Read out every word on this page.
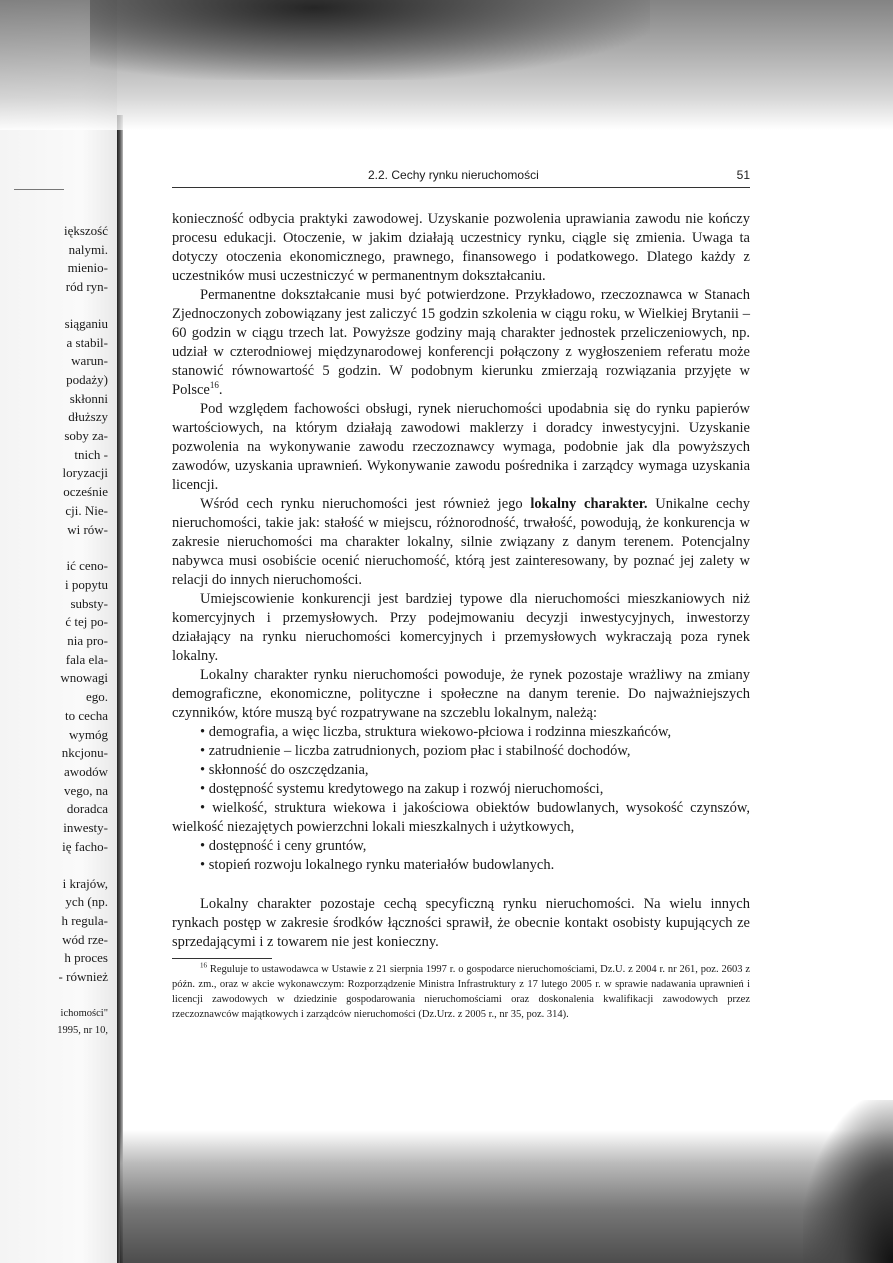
iększość
nalymi.
mienio-
ród ryn-
siąganiu
a stabil-
warun-
podaży)
skłonni
dłuższy
soby za-
tnich -
loryzacji
ocześnie
cji. Nie-
wi rów-
ić ceno-
i popytu
substy-
ć tej po-
nia pro-
fala ela-
wnowagi
ego.
to cecha
wymóg
nkcjonu-
awodów
vego, na
doradca
inwesty-
ię facho-
i krajów,
ych (np.
h regula-
wód rze-
h proces
- również
ichomości"
1995, nr 10,
2.2. Cechy rynku nieruchomości	51

konieczność odbycia praktyki zawodowej. Uzyskanie pozwolenia uprawiania zawodu nie kończy procesu edukacji. Otoczenie, w jakim działają uczestnicy rynku, ciągle się zmienia. Uwaga ta dotyczy otoczenia ekonomicznego, prawnego, finansowego i podatkowego. Dlatego każdy z uczestników musi uczestniczyć w permanentnym dokształcaniu.

Permanentne dokształcanie musi być potwierdzone. Przykładowo, rzeczoznawca w Stanach Zjednoczonych zobowiązany jest zaliczyć 15 godzin szkolenia w ciągu roku, w Wielkiej Brytanii – 60 godzin w ciągu trzech lat. Powyższe godziny mają charakter jednostek przeliczeniowych, np. udział w czterodniowej międzynarodowej konferencji połączony z wygłoszeniem referatu może stanowić równowartość 5 godzin. W podobnym kierunku zmierzają rozwiązania przyjęte w Polsce$^{16}$.

Pod względem fachowości obsługi, rynek nieruchomości upodabnia się do rynku papierów wartościowych, na którym działają zawodowi maklerzy i doradcy inwestycyjni. Uzyskanie pozwolenia na wykonywanie zawodu rzeczoznawcy wymaga, podobnie jak dla powyższych zawodów, uzyskania uprawnień. Wykonywanie zawodu pośrednika i zarządcy wymaga uzyskania licencji.

Wśród cech rynku nieruchomości jest również jego lokalny charakter. Unikalne cechy nieruchomości, takie jak: stałość w miejscu, różnorodność, trwałość, powodują, że konkurencja w zakresie nieruchomości ma charakter lokalny, silnie związany z danym terenem. Potencjalny nabywca musi osobiście ocenić nieruchomość, którą jest zainteresowany, by poznać jej zalety w relacji do innych nieruchomości.

Umiejscowienie konkurencji jest bardziej typowe dla nieruchomości mieszkaniowych niż komercyjnych i przemysłowych. Przy podejmowaniu decyzji inwestycyjnych, inwestorzy działający na rynku nieruchomości komercyjnych i przemysłowych wykraczają poza rynek lokalny.

Lokalny charakter rynku nieruchomości powoduje, że rynek pozostaje wrażliwy na zmiany demograficzne, ekonomiczne, polityczne i społeczne na danym terenie. Do najważniejszych czynników, które muszą być rozpatrywane na szczeblu lokalnym, należą:

• demografia, a więc liczba, struktura wiekowo-płciowa i rodzinna mieszkańców,
• zatrudnienie – liczba zatrudnionych, poziom płac i stabilność dochodów,
• skłonność do oszczędzania,
• dostępność systemu kredytowego na zakup i rozwój nieruchomości,
• wielkość, struktura wiekowa i jakościowa obiektów budowlanych, wysokość czynszów, wielkość niezajętych powierzchni lokali mieszkalnych i użytkowych,
• dostępność i ceny gruntów,
• stopień rozwoju lokalnego rynku materiałów budowlanych.

Lokalny charakter pozostaje cechą specyficzną rynku nieruchomości. Na wielu innych rynkach postęp w zakresie środków łączności sprawił, że obecnie kontakt osobisty kupujących ze sprzedającymi i z towarem nie jest konieczny.

$^{16}$ Reguluje to ustawodawca w Ustawie z 21 sierpnia 1997 r. o gospodarce nieruchomościami, Dz.U. z 2004 r. nr 261, poz. 2603 z późn. zm., oraz w akcie wykonawczym: Rozporządzenie Ministra Infrastruktury z 17 lutego 2005 r. w sprawie nadawania uprawnień i licencji zawodowych w dziedzinie gospodarowania nieruchomościami oraz doskonalenia kwalifikacji zawodowych przez rzeczoznawców majątkowych i zarządców nieruchomości (Dz.Urz. z 2005 r., nr 35, poz. 314).
